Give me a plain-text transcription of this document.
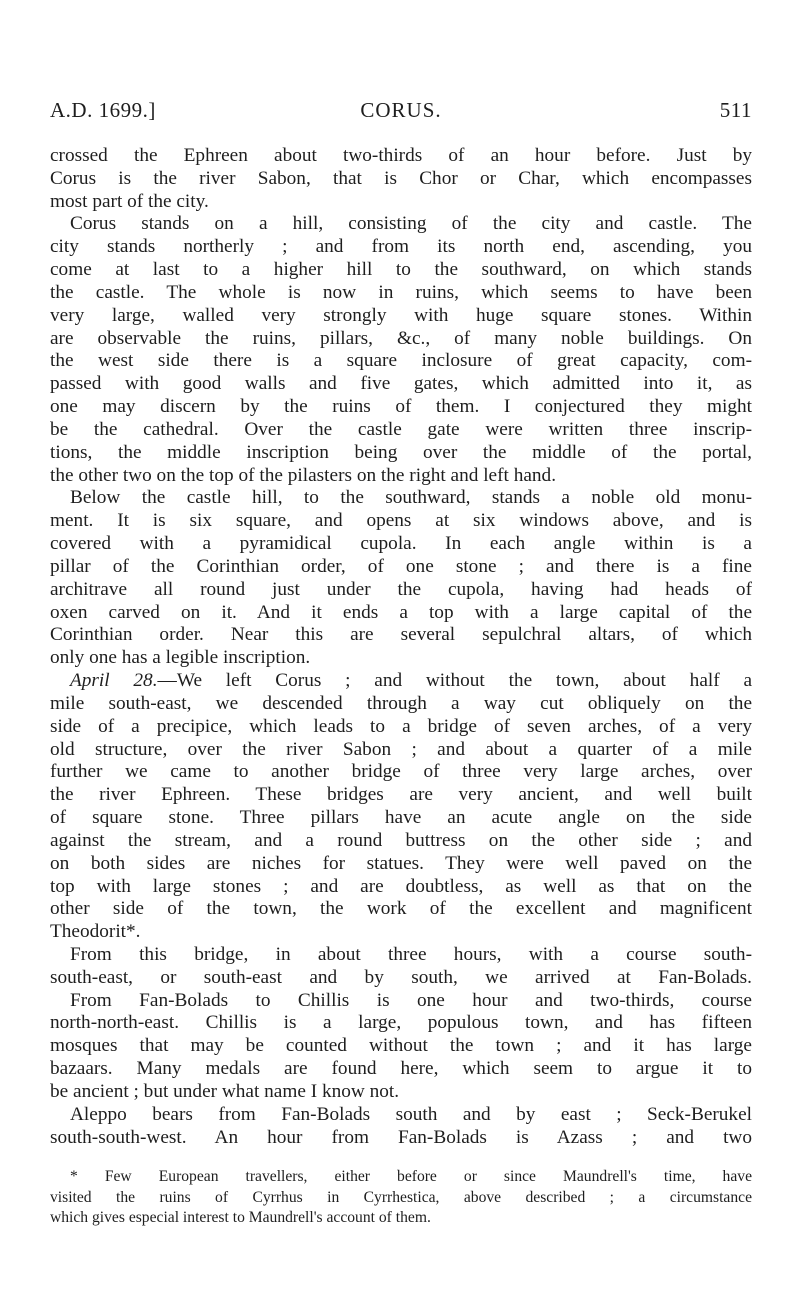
A.D. 1699.]	CORUS.	511
crossed the Ephreen about two-thirds of an hour before. Just by
Corus is the river Sabon, that is Chor or Char, which encompasses
most part of the city.
Corus stands on a hill, consisting of the city and castle. The
city stands northerly ; and from its north end, ascending, you
come at last to a higher hill to the southward, on which stands
the castle. The whole is now in ruins, which seems to have been
very large, walled very strongly with huge square stones. Within
are observable the ruins, pillars, &c., of many noble buildings. On
the west side there is a square inclosure of great capacity, com-
passed with good walls and five gates, which admitted into it, as
one may discern by the ruins of them. I conjectured they might
be the cathedral. Over the castle gate were written three inscrip-
tions, the middle inscription being over the middle of the portal,
the other two on the top of the pilasters on the right and left hand.
Below the castle hill, to the southward, stands a noble old monu-
ment. It is six square, and opens at six windows above, and is
covered with a pyramidical cupola. In each angle within is a
pillar of the Corinthian order, of one stone ; and there is a fine
architrave all round just under the cupola, having had heads of
oxen carved on it. And it ends a top with a large capital of the
Corinthian order. Near this are several sepulchral altars, of which
only one has a legible inscription.
April 28.—We left Corus ; and without the town, about half a
mile south-east, we descended through a way cut obliquely on the
side of a precipice, which leads to a bridge of seven arches, of a very
old structure, over the river Sabon ; and about a quarter of a mile
further we came to another bridge of three very large arches, over
the river Ephreen. These bridges are very ancient, and well built
of square stone. Three pillars have an acute angle on the side
against the stream, and a round buttress on the other side ; and
on both sides are niches for statues. They were well paved on the
top with large stones ; and are doubtless, as well as that on the
other side of the town, the work of the excellent and magnificent
Theodorit*.
From this bridge, in about three hours, with a course south-
south-east, or south-east and by south, we arrived at Fan-Bolads.
From Fan-Bolads to Chillis is one hour and two-thirds, course
north-north-east. Chillis is a large, populous town, and has fifteen
mosques that may be counted without the town ; and it has large
bazaars. Many medals are found here, which seem to argue it to
be ancient ; but under what name I know not.
Aleppo bears from Fan-Bolads south and by east ; Seck-Berukel
south-south-west. An hour from Fan-Bolads is Azass ; and two
* Few European travellers, either before or since Maundrell's time, have
visited the ruins of Cyrrhus in Cyrrhestica, above described ; a circumstance
which gives especial interest to Maundrell's account of them.
